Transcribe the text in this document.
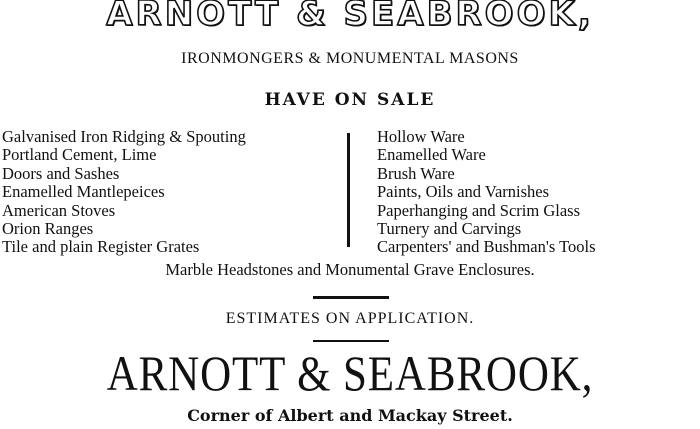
ARNOTT & SEABROOK,
IRONMONGERS & MONUMENTAL MASONS
HAVE ON SALE
Galvanised Iron Ridging & Spouting
Portland Cement, Lime
Doors and Sashes
Enamelled Mantlepeices
American Stoves
Orion Ranges
Tile and plain Register Grates
Hollow Ware
Enamelled Ware
Brush Ware
Paints, Oils and Varnishes
Paperhanging and Scrim Glass
Turnery and Carvings
Carpenters' and Bushman's Tools
Marble Headstones and Monumental Grave Enclosures.
ESTIMATES ON APPLICATION.
ARNOTT & SEABROOK,
Corner of Albert and Mackay Street.
